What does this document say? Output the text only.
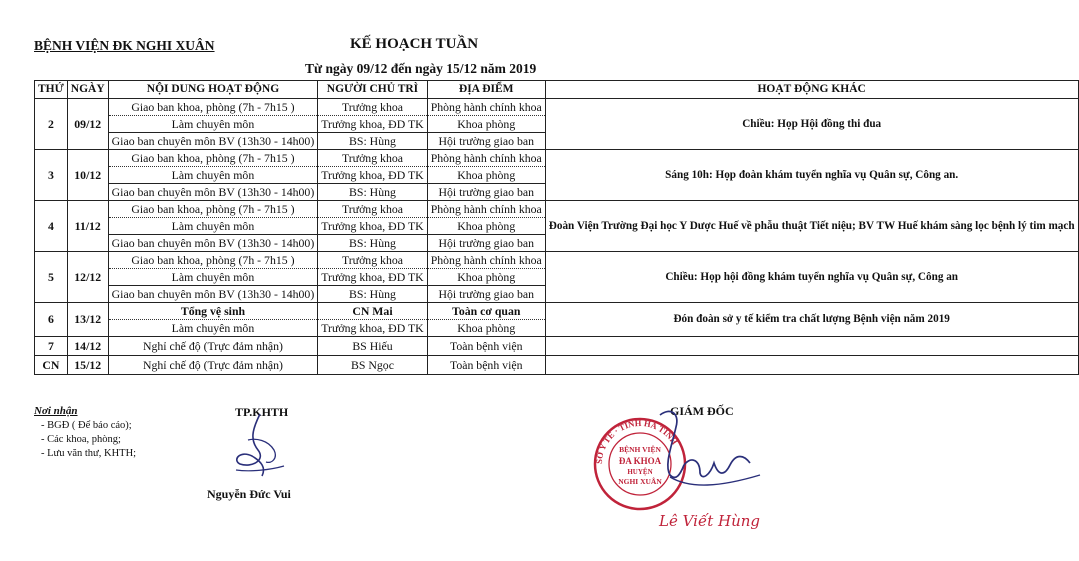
BỆNH VIỆN ĐK NGHI XUÂN	KẾ HOẠCH TUẦN
Từ ngày 09/12 đến ngày 15/12 năm 2019
THỨ	NGÀY	NỘI DUNG HOẠT ĐỘNG	NGƯỜI CHỦ TRÌ	ĐỊA ĐIỂM	HOẠT ĐỘNG KHÁC
2	09/12	Giao ban khoa, phòng (7h - 7h15 )	Trưởng khoa	Phòng hành chính khoa	Chiều: Họp Hội đồng thi đua
		Làm chuyên môn	Trưởng khoa, ĐD TK	Khoa phòng	
		Giao ban chuyên môn BV (13h30 - 14h00)	BS: Hùng	Hội trường giao ban	
3	10/12	Giao ban khoa, phòng (7h - 7h15 )	Trưởng khoa	Phòng hành chính khoa	Sáng 10h: Họp đoàn khám tuyển nghĩa vụ Quân sự, Công an.
		Làm chuyên môn	Trưởng khoa, ĐD TK	Khoa phòng	
		Giao ban chuyên môn BV (13h30 - 14h00)	BS: Hùng	Hội trường giao ban	
4	11/12	Giao ban khoa, phòng (7h - 7h15 )	Trưởng khoa	Phòng hành chính khoa	Đoàn Viện Trường Đại học Y Dược Huế về phẫu thuật Tiết niệu; BV TW Huế khám sàng lọc bệnh lý tim mạch
		Làm chuyên môn	Trưởng khoa, ĐD TK	Khoa phòng	
		Giao ban chuyên môn BV (13h30 - 14h00)	BS: Hùng	Hội trường giao ban	
5	12/12	Giao ban khoa, phòng (7h - 7h15 )	Trưởng khoa	Phòng hành chính khoa	Chiều: Họp hội đồng khám tuyển nghĩa vụ Quân sự, Công an
		Làm chuyên môn	Trưởng khoa, ĐD TK	Khoa phòng	
		Giao ban chuyên môn BV (13h30 - 14h00)	BS: Hùng	Hội trường giao ban	
6	13/12	Tổng vệ sinh	CN Mai	Toàn cơ quan	Đón đoàn sở y tế kiểm tra chất lượng Bệnh viện năm 2019
		Làm chuyên môn	Trưởng khoa, ĐD TK	Khoa phòng	
7	14/12	Nghỉ chế độ (Trực đảm nhận)	BS Hiếu	Toàn bệnh viện	
CN	15/12	Nghỉ chế độ (Trực đảm nhận)	BS Ngọc	Toàn bệnh viện	
Nơi nhận
- BGĐ ( Để báo cáo);
- Các khoa, phòng;
- Lưu văn thư, KHTH;
TP.KHTH
Nguyễn Đức Vui
GIÁM ĐỐC
SỞ Y TẾ · TỈNH HÀ TĨNH
BỆNH VIỆN
ĐA KHOA
HUYỆN
NGHI XUÂN
Lê Viết Hùng
